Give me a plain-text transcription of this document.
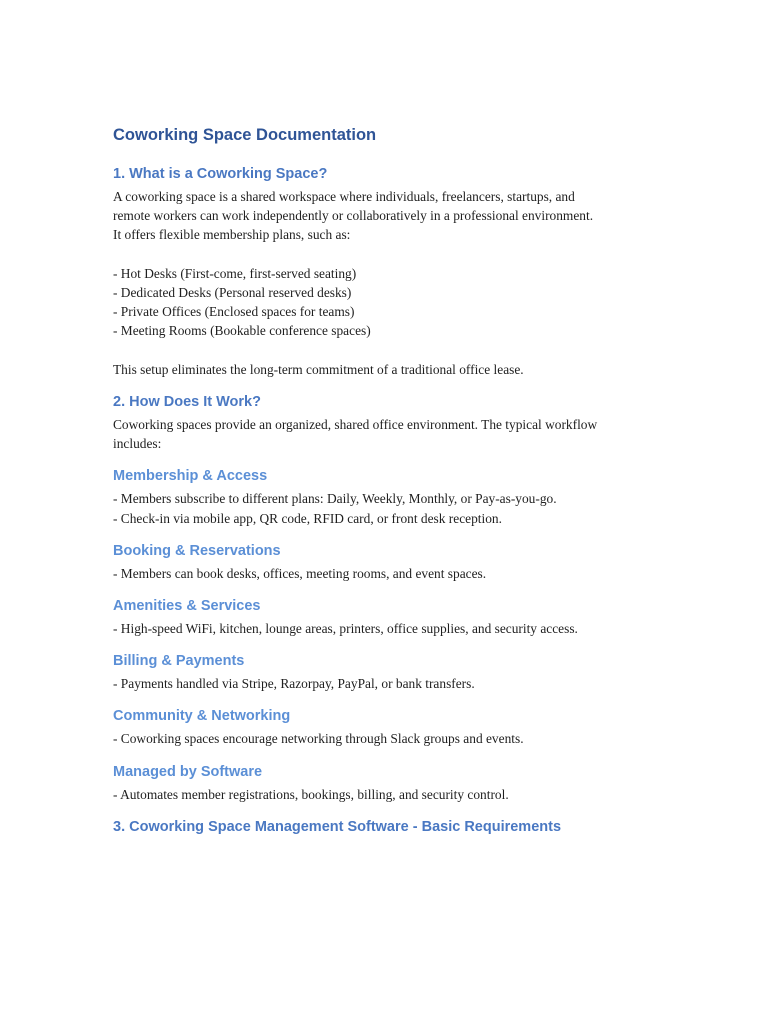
Coworking Space Documentation
1. What is a Coworking Space?

A coworking space is a shared workspace where individuals, freelancers, startups, and

remote workers can work independently or collaboratively in a professional environment.

It offers flexible membership plans, such as:

- Hot Desks (First-come, first-served seating)
- Dedicated Desks (Personal reserved desks)
- Private Offices (Enclosed spaces for teams)
- Meeting Rooms (Bookable conference spaces)

This setup eliminates the long-term commitment of a traditional office lease.

2. How Does It Work?

Coworking spaces provide an organized, shared office environment. The typical workflow

includes:

Membership & Access

- Members subscribe to different plans: Daily, Weekly, Monthly, or Pay-as-you-go.

- Check-in via mobile app, QR code, RFID card, or front desk reception.

Booking & Reservations

- Members can book desks, offices, meeting rooms, and event spaces.

Amenities & Services

- High-speed WiFi, kitchen, lounge areas, printers, office supplies, and security access.

Billing & Payments

- Payments handled via Stripe, Razorpay, PayPal, or bank transfers.

Community & Networking

- Coworking spaces encourage networking through Slack groups and events.

Managed by Software

- Automates member registrations, bookings, billing, and security control.

3. Coworking Space Management Software - Basic Requirements
